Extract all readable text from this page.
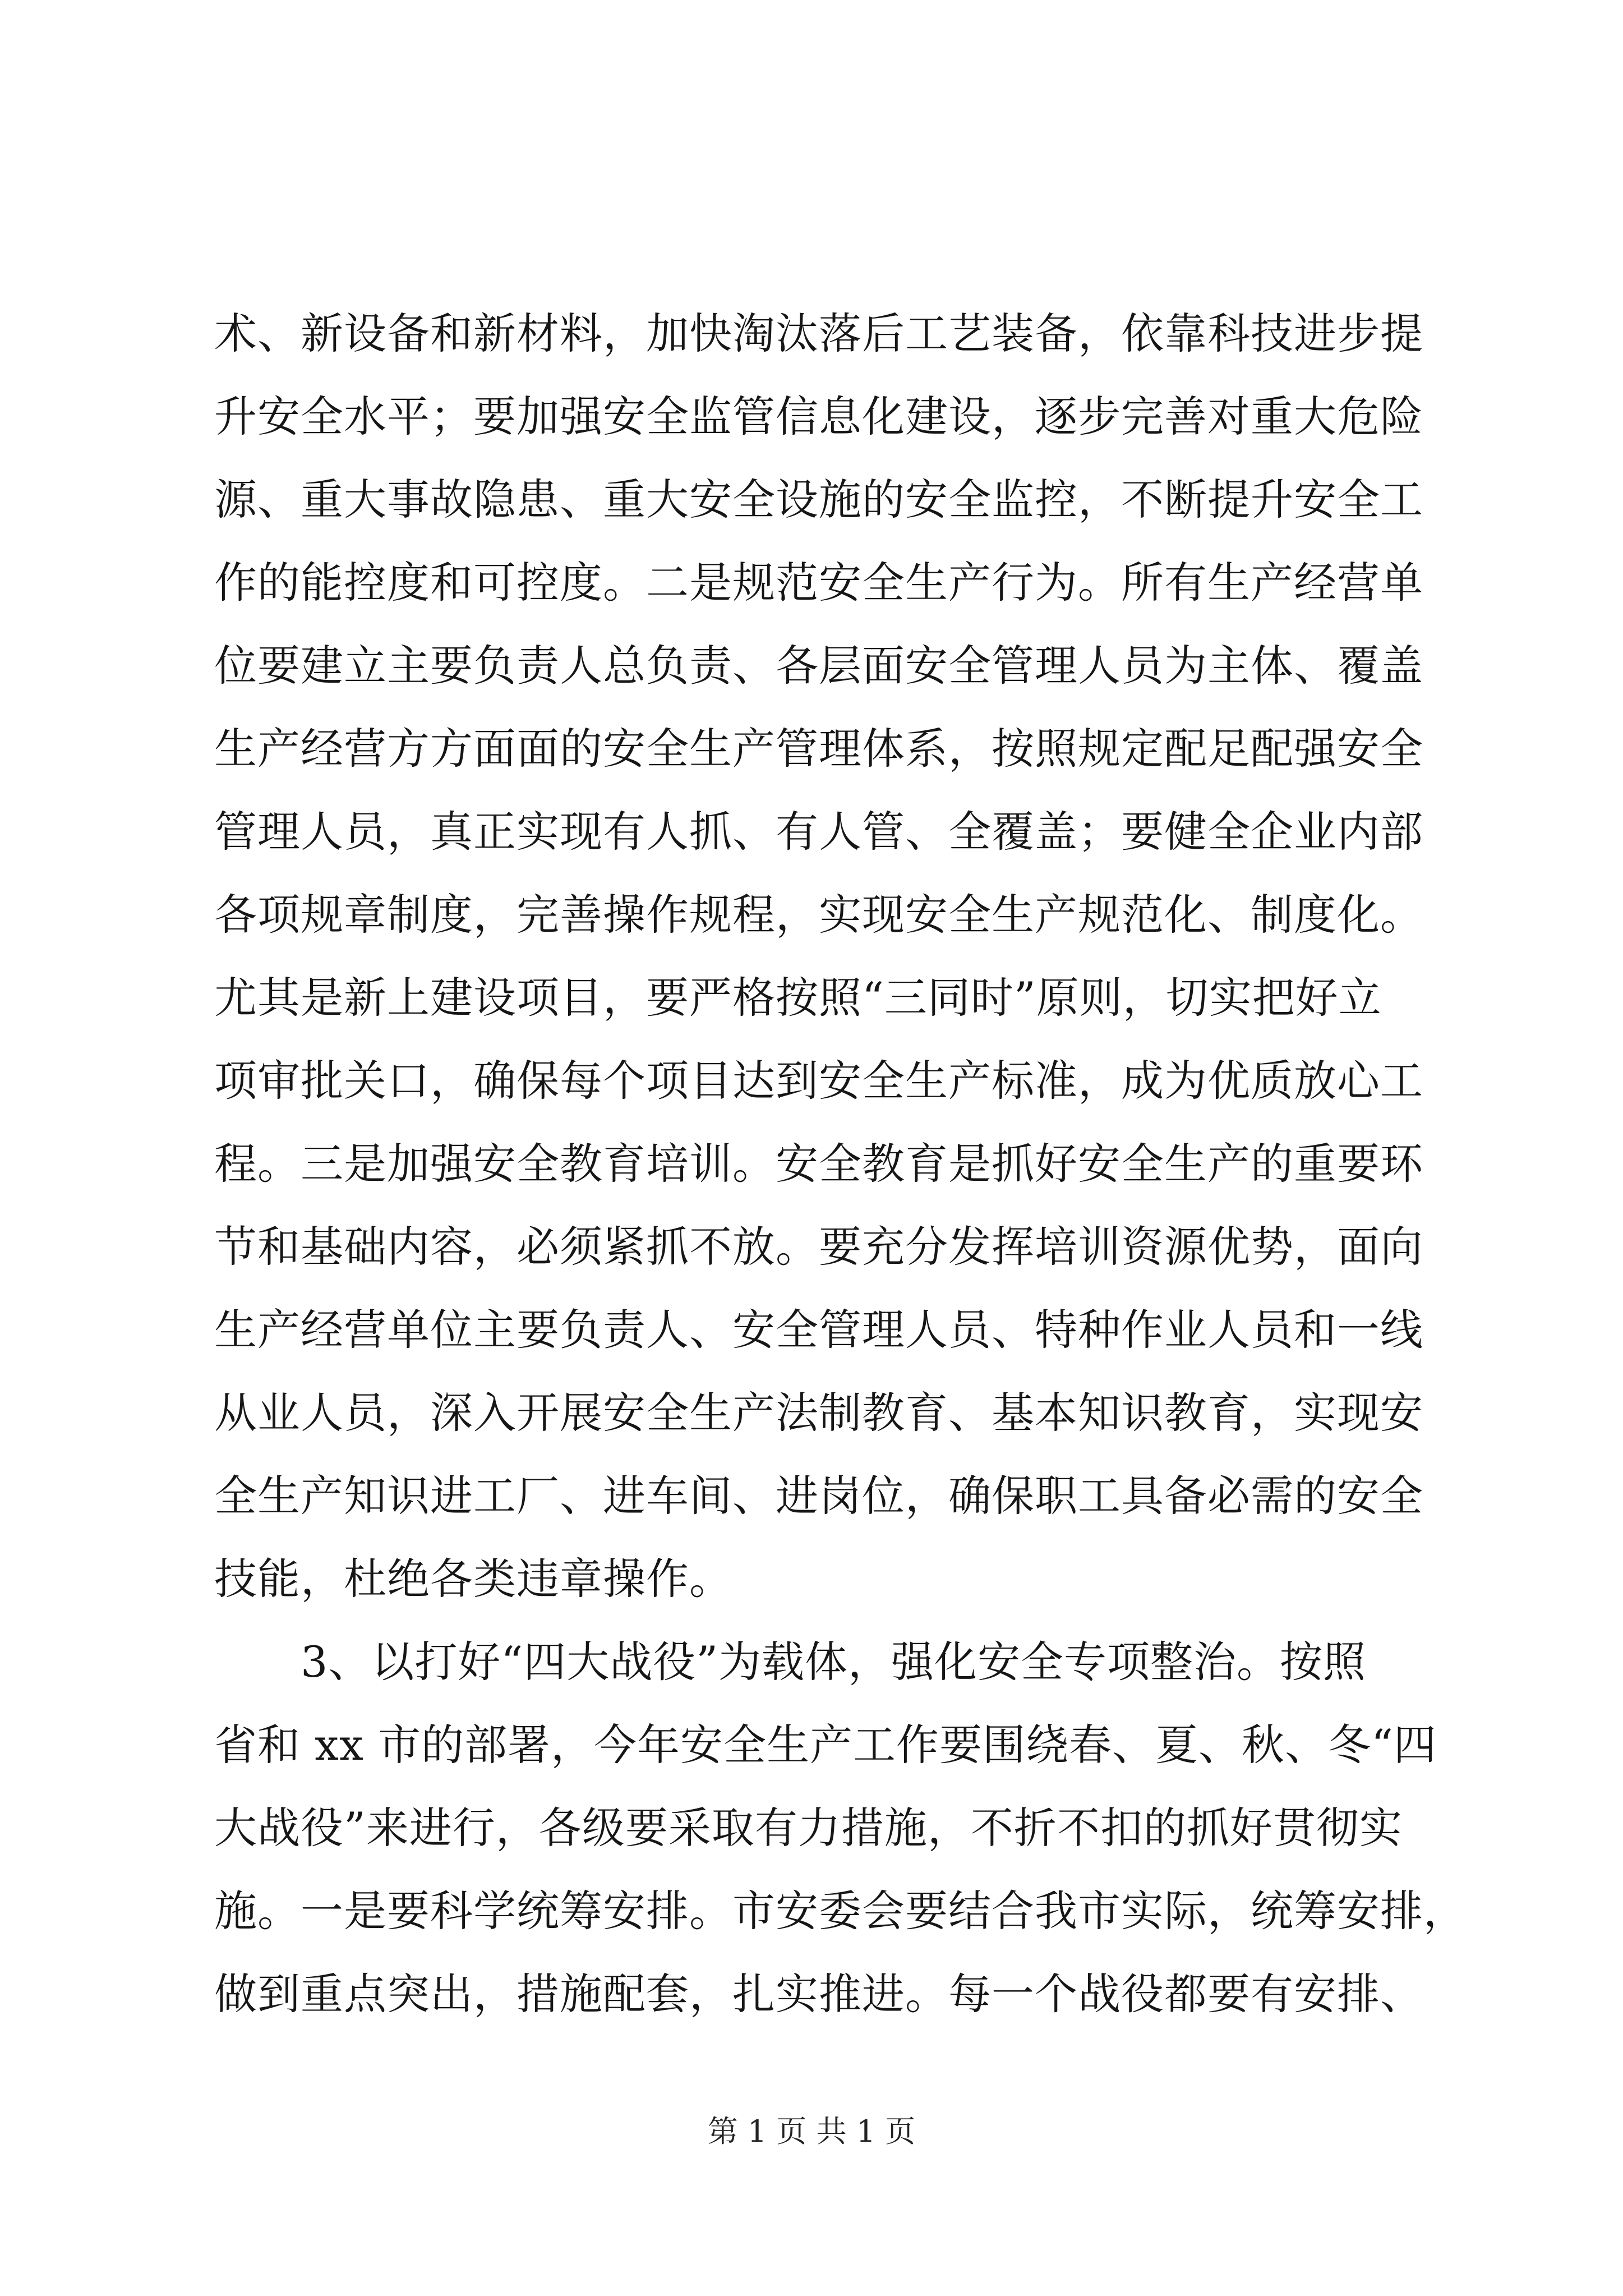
术、新设备和新材料，加快淘汰落后工艺装备，依靠科技进步提
升安全水平；要加强安全监管信息化建设，逐步完善对重大危险
源、重大事故隐患、重大安全设施的安全监控，不断提升安全工
作的能控度和可控度。二是规范安全生产行为。所有生产经营单
位要建立主要负责人总负责、各层面安全管理人员为主体、覆盖
生产经营方方面面的安全生产管理体系，按照规定配足配强安全
管理人员，真正实现有人抓、有人管、全覆盖；要健全企业内部
各项规章制度，完善操作规程，实现安全生产规范化、制度化。
尤其是新上建设项目，要严格按照“三同时”原则，切实把好立
项审批关口，确保每个项目达到安全生产标准，成为优质放心工
程。三是加强安全教育培训。安全教育是抓好安全生产的重要环
节和基础内容，必须紧抓不放。要充分发挥培训资源优势，面向
生产经营单位主要负责人、安全管理人员、特种作业人员和一线
从业人员，深入开展安全生产法制教育、基本知识教育，实现安
全生产知识进工厂、进车间、进岗位，确保职工具备必需的安全
技能，杜绝各类违章操作。
　　3、以打好“四大战役”为载体，强化安全专项整治。按照
省和 xx 市的部署，今年安全生产工作要围绕春、夏、秋、冬“四
大战役”来进行，各级要采取有力措施，不折不扣的抓好贯彻实
施。一是要科学统筹安排。市安委会要结合我市实际，统筹安排，
做到重点突出，措施配套，扎实推进。每一个战役都要有安排、
第 1 页 共 1 页
